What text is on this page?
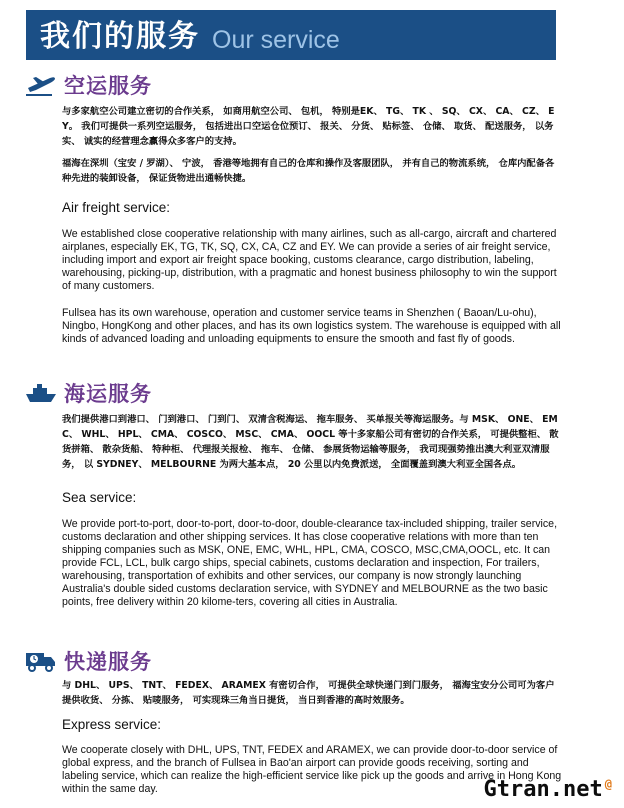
我们的服务 Our service
空运服务

与多家航空公司建立密切的合作关系， 如商用航空公司、 包机， 特别是EK、 TG、 TK 、 SQ、 CX、 CA、 CZ、 EY。 我们可提供一系列空运服务， 包括进出口空运仓位预订、 报关、 分货、 贴标签、 仓储、 取货、 配送服务， 以务实、 诚实的经营理念赢得众多客户的支持。

福海在深圳（宝安 / 罗湖）、 宁波， 香港等地拥有自己的仓库和操作及客服团队， 并有自己的物流系统， 仓库内配备各种先进的装卸设备， 保证货物进出通畅快捷。

Air freight service:

We established close cooperative relationship with many airlines, such as all-cargo, aircraft and chartered airplanes, especially EK, TG, TK, SQ, CX, CA, CZ and EY. We can provide a series of air freight service, including import and export air freight space booking, customs clearance, cargo distribution, labeling, warehousing, picking-up, distribution, with a pragmatic and honest business philosophy to win the support of many customers.

Fullsea has its own warehouse, operation and customer service teams in Shenzhen ( Baoan/Lu-ohu), Ningbo, HongKong and other places, and has its own logistics system. The warehouse is equipped with all kinds of advanced loading and unloading equipments to ensure the smooth and fast fly of goods.

海运服务

我们提供港口到港口、 门到港口、 门到门、 双清含税海运、 拖车服务、 买单报关等海运服务。与 MSK、 ONE、 EMC、 WHL、 HPL、 CMA、 COSCO、 MSC、 CMA、 OOCL 等十多家船公司有密切的合作关系， 可提供整柜、 散货拼箱、 散杂货船、 特种柜、 代理报关报检、 拖车、 仓储、 参展货物运输等服务， 我司现强势推出澳大利亚双清服务， 以 SYDNEY、 MELBOURNE 为两大基本点， 20 公里以内免费派送， 全面覆盖到澳大利亚全国各点。

Sea service:

We provide port-to-port, door-to-port, door-to-door, double-clearance tax-included shipping, trailer service, customs declaration and other shipping services. It has close cooperative relations with more than ten shipping companies such as MSK, ONE, EMC, WHL, HPL, CMA, COSCO, MSC,CMA,OOCL, etc. It can provide FCL, LCL, bulk cargo ships, special cabinets, customs declaration and inspection, For trailers, warehousing, transportation of exhibits and other services, our company is now strongly launching Australia's double sided customs declaration service, with SYDNEY and MELBOURNE as the two basic points, free delivery within 20 kilome-ters, covering all cities in Australia.

快递服务

与 DHL、 UPS、 TNT、 FEDEX、 ARAMEX 有密切合作， 可提供全球快递门到门服务， 福海宝安分公司可为客户提供收货、 分拣、 贴唛服务， 可实现珠三角当日提货， 当日到香港的高时效服务。

Express service:

We cooperate closely with DHL, UPS, TNT, FEDEX and ARAMEX, we can provide door-to-door service of global express, and the branch of Fullsea in Bao'an airport can provide goods receiving, sorting and labeling service, which can realize the high-efficient service like pick up the goods and arrive in Hong Kong within the same day.	Gtran.net @
